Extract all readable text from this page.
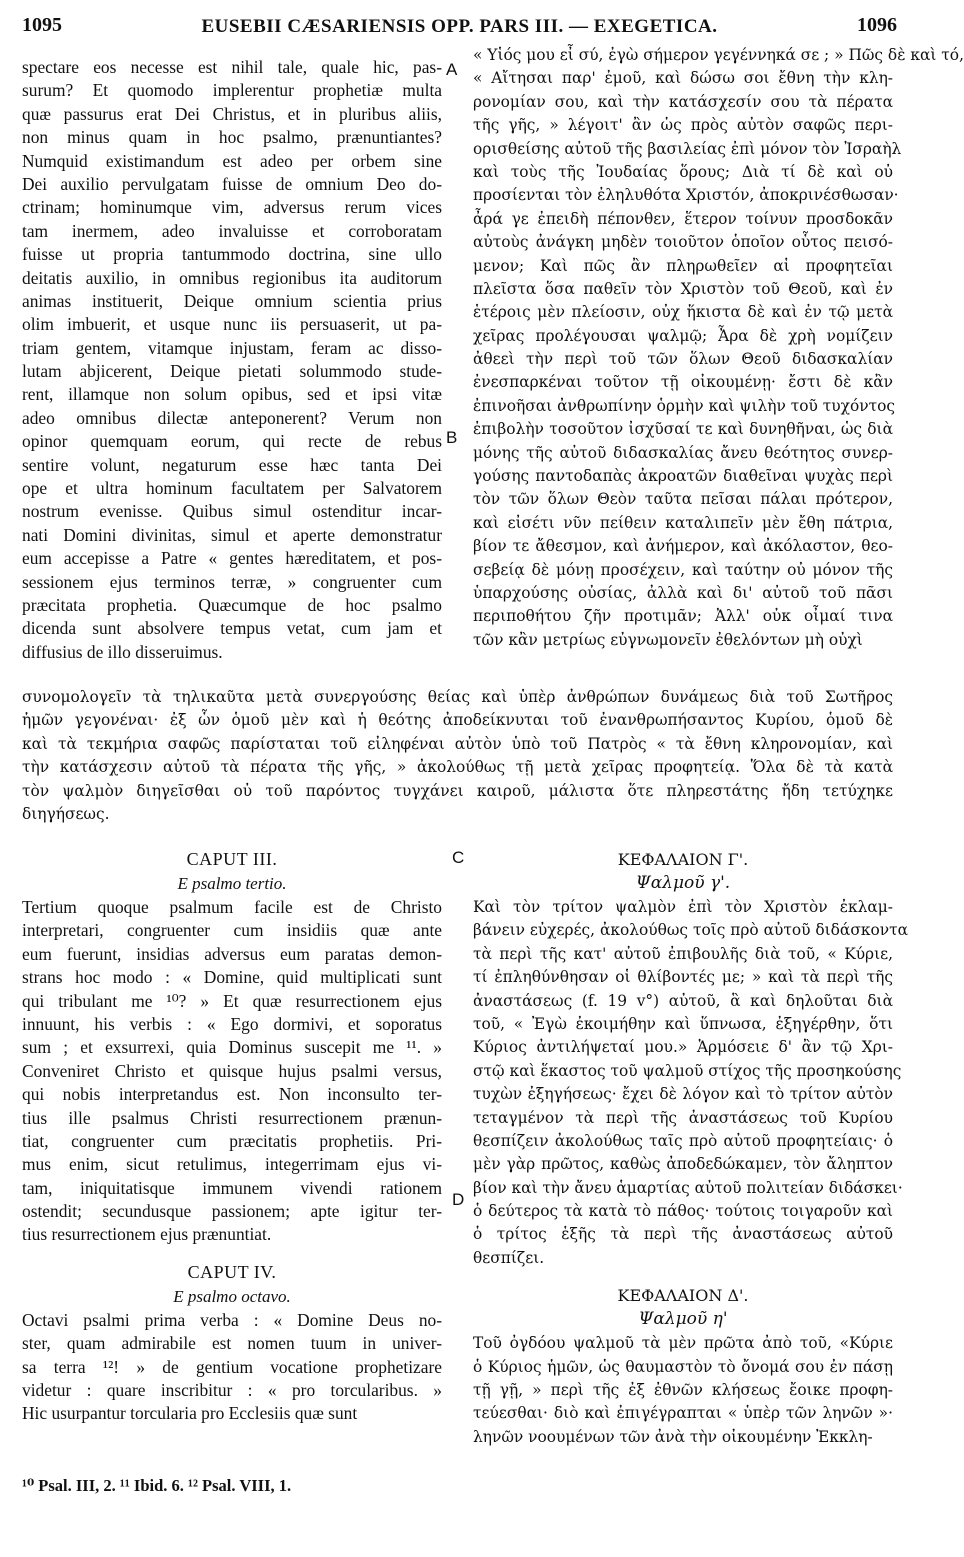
1095	EUSEBII CÆSARIENSIS OPP. PARS III. — EXEGETICA.	1096
A
B
C
D
spectare eos necesse est nihil tale, quale hic, pas-
surum? Et quomodo implerentur prophetiæ multa
quæ passurus erat Dei Christus, et in pluribus aliis,
non minus quam in hoc psalmo, prænuntiantes?
Numquid existimandum est adeo per orbem sine
Dei auxilio pervulgatam fuisse de omnium Deo do-
ctrinam; hominumque vim, adversus rerum vices
tam inermem, adeo invaluisse et corroboratam
fuisse ut propria tantummodo doctrina, sine ullo
deitatis auxilio, in omnibus regionibus ita auditorum
animas instituerit, Deique omnium scientia prius
olim imbuerit, et usque nunc iis persuaserit, ut pa-
triam gentem, vitamque injustam, feram ac disso-
lutam abjicerent, Deique pietati solummodo stude-
rent, illamque non solum opibus, sed et ipsi vitæ
adeo omnibus dilectæ anteponerent? Verum non
opinor quemquam eorum, qui recte de rebus
sentire volunt, negaturum esse hæc tanta Dei
ope et ultra hominum facultatem per Salvatorem
nostrum evenisse. Quibus simul ostenditur incar-
nati Domini divinitas, simul et aperte demonstratur
eum accepisse a Patre « gentes hæreditatem, et pos-
sessionem ejus terminos terræ, » congruenter cum
præcitata prophetia. Quæcumque de hoc psalmo
dicenda sunt absolvere tempus vetat, cum jam et
diffusius de illo disseruimus.
« Υἱός μου εἶ σύ, ἐγὼ σήμερον γεγέννηκά σε ; » Πῶς δὲ καὶ τό,
« Αἴτησαι παρ' ἐμοῦ, καὶ δώσω σοι ἔθνη τὴν κλη-
ρονομίαν σου, καὶ τὴν κατάσχεσίν σου τὰ πέρατα
τῆς γῆς, » λέγοιτ' ἂν ὡς πρὸς αὐτὸν σαφῶς περι-
ορισθείσης αὐτοῦ τῆς βασιλείας ἐπὶ μόνον τὸν Ἰσραὴλ
καὶ τοὺς τῆς Ἰουδαίας ὅρους; Διὰ τί δὲ καὶ οὐ
προσίενται τὸν ἐληλυθότα Χριστόν, ἀποκρινέσθωσαν·
ἆρά γε ἐπειδὴ πέπονθεν, ἕτερον τοίνυν προσδοκᾶν
αὐτοὺς ἀνάγκη μηδὲν τοιοῦτον ὁποῖον οὗτος πεισό-
μενον; Καὶ πῶς ἂν πληρωθεῖεν αἱ προφητεῖαι
πλεῖστα ὅσα παθεῖν τὸν Χριστὸν τοῦ Θεοῦ, καὶ ἐν
ἑτέροις μὲν πλείοσιν, οὐχ ἥκιστα δὲ καὶ ἐν τῷ μετὰ
χεῖρας προλέγουσαι ψαλμῷ; Ἆρα δὲ χρὴ νομίζειν
ἀθεεὶ τὴν περὶ τοῦ τῶν ὅλων Θεοῦ διδασκαλίαν
ἐνεσπαρκέναι τοῦτον τῇ οἰκουμένῃ· ἔστι δὲ κἂν
ἐπινοῆσαι ἀνθρωπίνην ὁρμὴν καὶ ψιλὴν τοῦ τυχόντος
ἐπιβολὴν τοσοῦτον ἰσχῦσαί τε καὶ δυνηθῆναι, ὡς διὰ
μόνης τῆς αὐτοῦ διδασκαλίας ἄνευ θεότητος συνερ-
γούσης παντοδαπὰς ἀκροατῶν διαθεῖναι ψυχὰς περὶ
τὸν τῶν ὅλων Θεὸν ταῦτα πεῖσαι πάλαι πρότερον,
καὶ εἰσέτι νῦν πείθειν καταλιπεῖν μὲν ἔθη πάτρια,
βίον τε ἄθεσμον, καὶ ἀνήμερον, καὶ ἀκόλαστον, θεο-
σεβείᾳ δὲ μόνῃ προσέχειν, καὶ ταύτην οὐ μόνον τῆς
ὑπαρχούσης οὐσίας, ἀλλὰ καὶ δι' αὐτοῦ τοῦ πᾶσι
περιποθήτου ζῆν προτιμᾶν; Ἀλλ' οὐκ οἶμαί τινα
τῶν κἂν μετρίως εὐγνωμονεῖν ἐθελόντων μὴ οὐχὶ
συνομολογεῖν τὰ τηλικαῦτα μετὰ συνεργούσης θείας καὶ ὑπὲρ ἀνθρώπων δυνάμεως διὰ τοῦ Σωτῆρος
ἡμῶν γεγονέναι· ἐξ ὧν ὁμοῦ μὲν καὶ ἡ θεότης ἀποδείκνυται τοῦ ἐνανθρωπήσαντος Κυρίου, ὁμοῦ δὲ
καὶ τὰ τεκμήρια σαφῶς παρίσταται τοῦ εἰληφέναι αὐτὸν ὑπὸ τοῦ Πατρὸς « τὰ ἔθνη κληρονομίαν, καὶ
τὴν κατάσχεσιν αὐτοῦ τὰ πέρατα τῆς γῆς, » ἀκολούθως τῇ μετὰ χεῖρας προφητείᾳ. Ὅλα δὲ τὰ κατὰ
τὸν ψαλμὸν διηγεῖσθαι οὐ τοῦ παρόντος τυγχάνει καιροῦ, μάλιστα ὅτε πληρεστάτης ἤδη τετύχηκε
διηγήσεως.
CAPUT III.
E psalmo tertio.
Tertium quoque psalmum facile est de Christo
interpretari, congruenter cum insidiis quæ ante
eum fuerunt, insidias adversus eum paratas demon-
strans hoc modo : « Domine, quid multiplicati sunt
qui tribulant me ¹⁰? » Et quæ resurrectionem ejus
innuunt, his verbis : « Ego dormivi, et soporatus
sum ; et exsurrexi, quia Dominus suscepit me ¹¹. »
Conveniret Christo et quisque hujus psalmi versus,
qui nobis interpretandus est. Non inconsulto ter-
tius ille psalmus Christi resurrectionem prænun-
tiat, congruenter cum præcitatis prophetiis. Pri-
mus enim, sicut retulimus, integerrimam ejus vi-
tam, iniquitatisque immunem vivendi rationem
ostendit; secundusque passionem; apte igitur ter-
tius resurrectionem ejus prænuntiat.
CAPUT IV.
E psalmo octavo.
Octavi psalmi prima verba : « Domine Deus no-
ster, quam admirabile est nomen tuum in univer-
sa terra ¹²! » de gentium vocatione prophetizare
videtur : quare inscribitur : « pro torcularibus. »
Hic usurpantur torcularia pro Ecclesiis quæ sunt
ΚΕΦΑΛΑΙΟΝ Γ'.
Ψαλμοῦ γ'.
Καὶ τὸν τρίτον ψαλμὸν ἐπὶ τὸν Χριστὸν ἐκλαμ-
βάνειν εὐχερές, ἀκολούθως τοῖς πρὸ αὐτοῦ διδάσκοντα
τὰ περὶ τῆς κατ' αὐτοῦ ἐπιβουλῆς διὰ τοῦ, « Κύριε,
τί ἐπληθύνθησαν οἱ θλίβοντές με; » καὶ τὰ περὶ τῆς
ἀναστάσεως (f. 19 v°) αὐτοῦ, ἃ καὶ δηλοῦται διὰ
τοῦ, « Ἐγὼ ἐκοιμήθην καὶ ὕπνωσα, ἐξηγέρθην, ὅτι
Κύριος ἀντιλήψεταί μου.» Ἁρμόσειε δ' ἂν τῷ Χρι-
στῷ καὶ ἕκαστος τοῦ ψαλμοῦ στίχος τῆς προσηκούσης
τυχὼν ἐξηγήσεως· ἔχει δὲ λόγον καὶ τὸ τρίτον αὐτὸν
τεταγμένον τὰ περὶ τῆς ἀναστάσεως τοῦ Κυρίου
θεσπίζειν ἀκολούθως ταῖς πρὸ αὐτοῦ προφητείαις· ὁ
μὲν γὰρ πρῶτος, καθὼς ἀποδεδώκαμεν, τὸν ἄληπτον
βίον καὶ τὴν ἄνευ ἁμαρτίας αὐτοῦ πολιτείαν διδάσκει·
ὁ δεύτερος τὰ κατὰ τὸ πάθος· τούτοις τοιγαροῦν καὶ
ὁ τρίτος ἑξῆς τὰ περὶ τῆς ἀναστάσεως αὐτοῦ
θεσπίζει.
ΚΕΦΑΛΑΙΟΝ Δ'.
Ψαλμοῦ η'
Τοῦ ὀγδόου ψαλμοῦ τὰ μὲν πρῶτα ἀπὸ τοῦ, «Κύριε
ὁ Κύριος ἡμῶν, ὡς θαυμαστὸν τὸ ὄνομά σου ἐν πάσῃ
τῇ γῇ, » περὶ τῆς ἐξ ἐθνῶν κλήσεως ἔοικε προφη-
τεύεσθαι· διὸ καὶ ἐπιγέγραπται « ὑπὲρ τῶν ληνῶν »·
ληνῶν νοουμένων τῶν ἀνὰ τὴν οἰκουμένην Ἐκκλη-
¹⁰ Psal. III, 2. ¹¹ Ibid. 6. ¹² Psal. VIII, 1.
